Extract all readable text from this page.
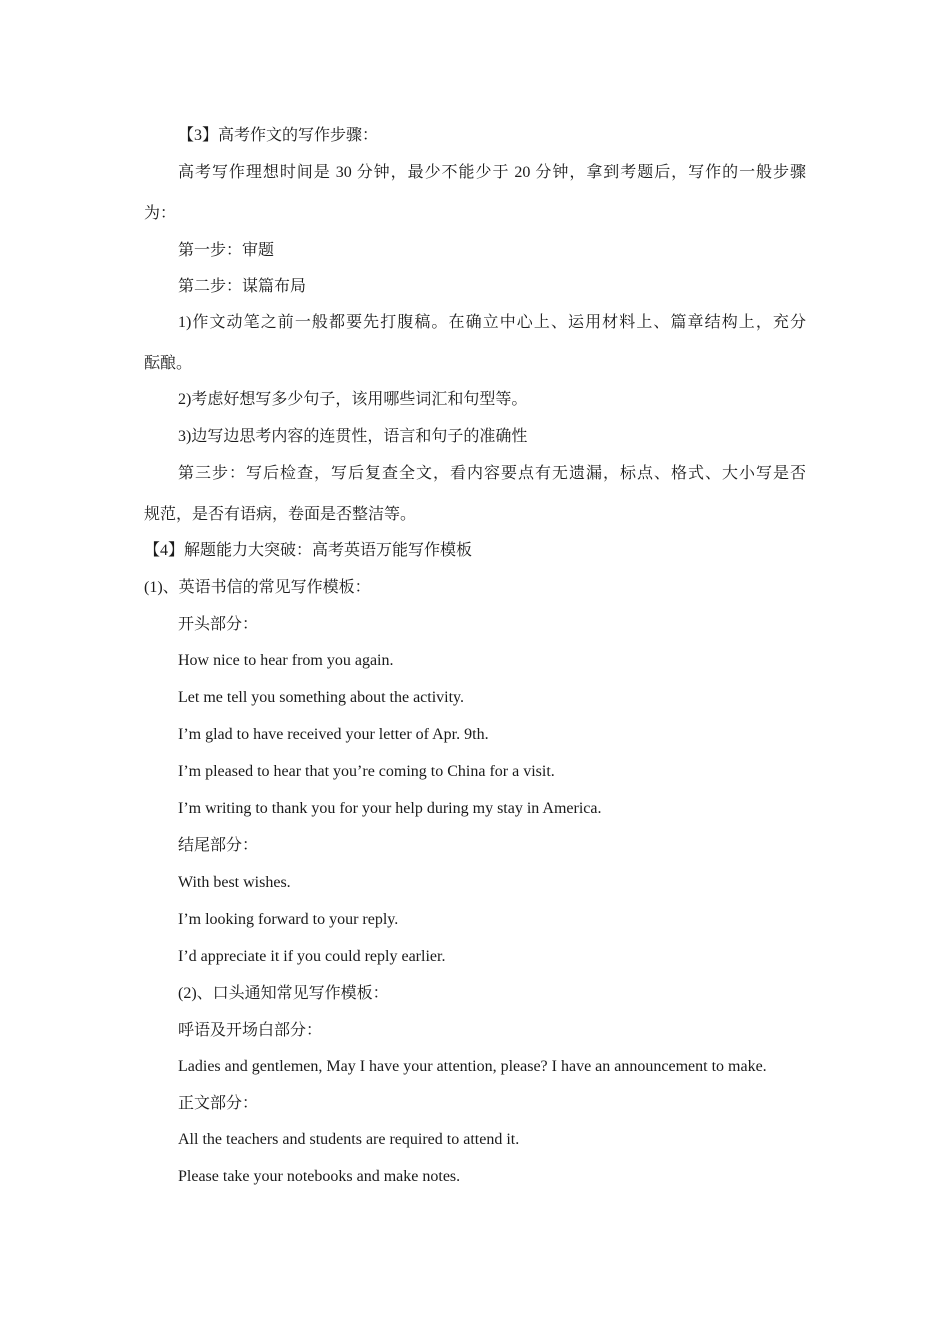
【3】高考作文的写作步骤：

高考写作理想时间是 30 分钟，最少不能少于 20 分钟，拿到考题后，写作的一般步骤

为：

第一步：审题

第二步：谋篇布局

1)作文动笔之前一般都要先打腹稿。在确立中心上、运用材料上、篇章结构上，充分

酝酿。

2)考虑好想写多少句子，该用哪些词汇和句型等。

3)边写边思考内容的连贯性，语言和句子的准确性

第三步：写后检查，写后复查全文，看内容要点有无遗漏，标点、格式、大小写是否

规范，是否有语病，卷面是否整洁等。

【4】解题能力大突破：高考英语万能写作模板

(1)、英语书信的常见写作模板：

开头部分：

How nice to hear from you again.

Let me tell you something about the activity.

I’m glad to have received your letter of Apr. 9th.

I’m pleased to hear that you’re coming to China for a visit.

I’m writing to thank you for your help during my stay in America.

结尾部分：

With best wishes.

I’m looking forward to your reply.

I’d appreciate it if you could reply earlier.

(2)、口头通知常见写作模板：

呼语及开场白部分：

Ladies and gentlemen, May I have your attention, please? I have an announcement to make.

正文部分：

All the teachers and students are required to attend it.

Please take your notebooks and make notes.
